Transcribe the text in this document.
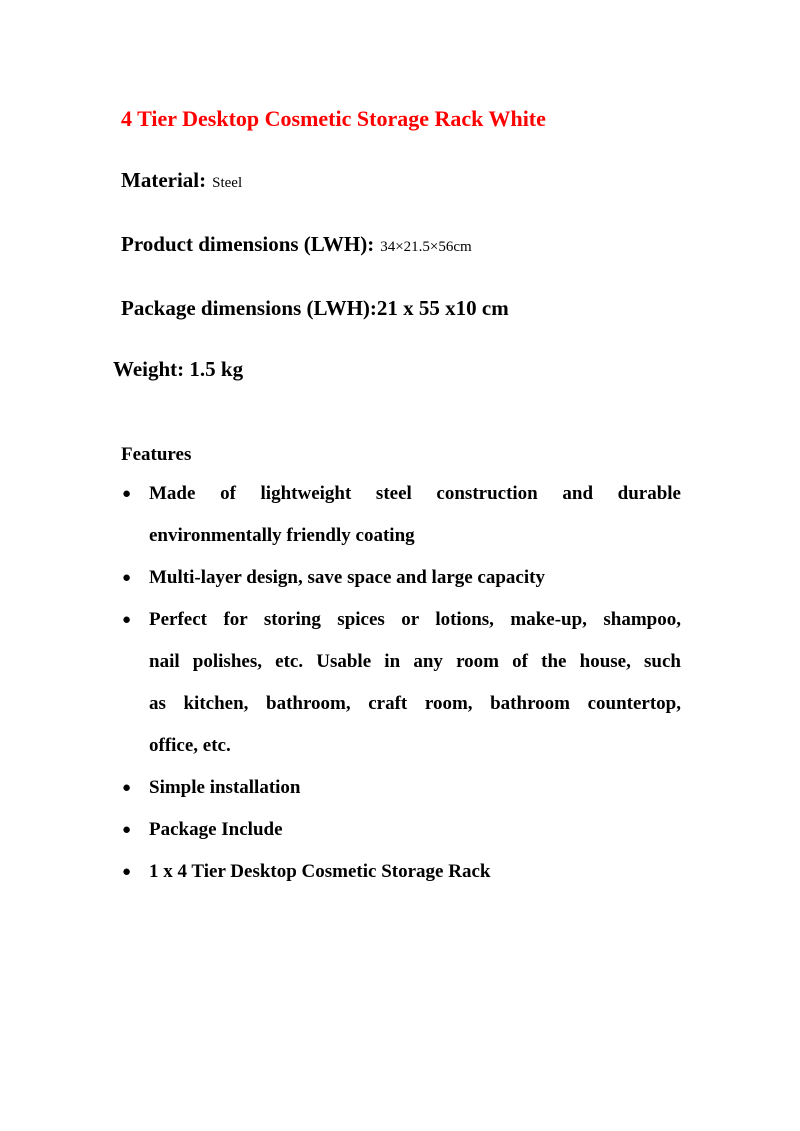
4 Tier Desktop Cosmetic Storage Rack White

Material: Steel

Product dimensions (LWH): 34×21.5×56cm

Package dimensions (LWH):21 x 55 x10 cm

Weight: 1.5 kg

Features
● Made of lightweight steel construction and durable
environmentally friendly coating
● Multi-layer design, save space and large capacity
● Perfect for storing spices or lotions, make-up, shampoo,
nail polishes, etc. Usable in any room of the house, such
as kitchen, bathroom, craft room, bathroom countertop,
office, etc.
● Simple installation
● Package Include
● 1 x 4 Tier Desktop Cosmetic Storage Rack
